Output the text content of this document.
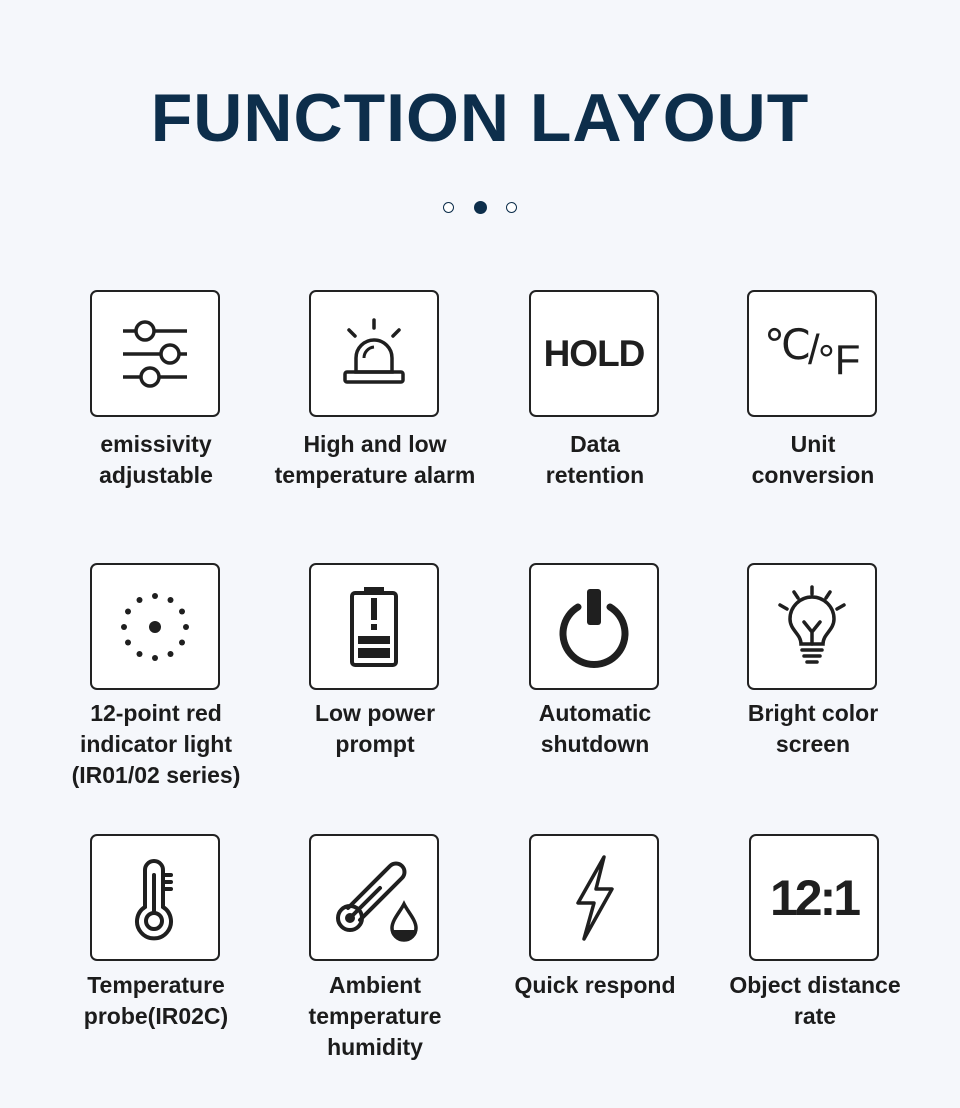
FUNCTION LAYOUT
emissivity
adjustable
High and low
temperature alarm
HOLD
Data
retention
℃
/
°F
Unit
conversion
12-point red
indicator light
(IR01/02 series)
Low power
prompt
Automatic
shutdown
Bright color
screen
Temperature
probe(IR02C)
Ambient
temperature
humidity
Quick respond
12:1
Object distance
rate
